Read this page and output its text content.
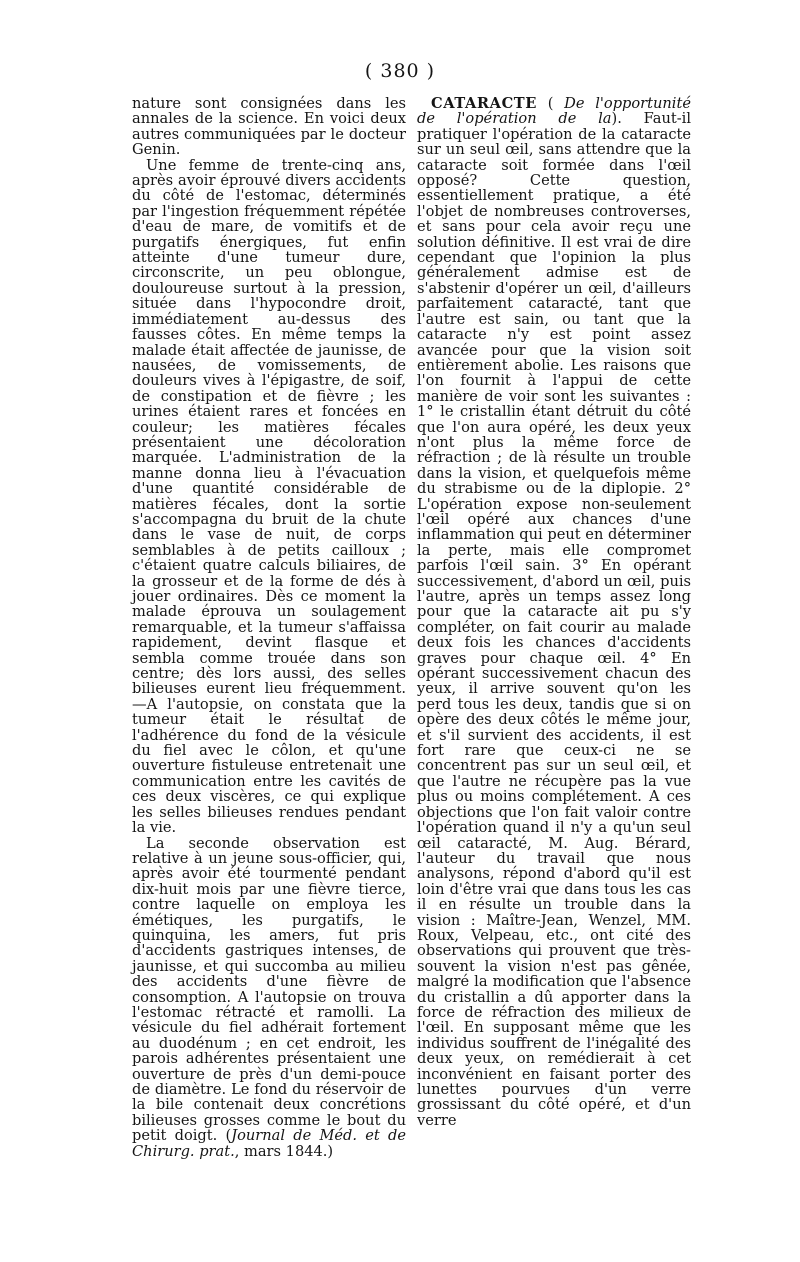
( 380 )

nature sont consignées dans les annales de la science. En voici deux autres communiquées par le docteur Genin.

Une femme de trente-cinq ans, après avoir éprouvé divers accidents du côté de l'estomac, déterminés par l'ingestion fréquemment répétée d'eau de mare, de vomitifs et de purgatifs énergiques, fut enfin atteinte d'une tumeur dure, circonscrite, un peu oblongue, douloureuse surtout à la pression, située dans l'hypocondre droit, immédiatement au-dessus des fausses côtes. En même temps la malade était affectée de jaunisse, de nausées, de vomissements, de douleurs vives à l'épigastre, de soif, de constipation et de fièvre ; les urines étaient rares et foncées en couleur; les matières fécales présentaient une décoloration marquée. L'administration de la manne donna lieu à l'évacuation d'une quantité considérable de matières fécales, dont la sortie s'accompagna du bruit de la chute dans le vase de nuit, de corps semblables à de petits cailloux ; c'étaient quatre calculs biliaires, de la grosseur et de la forme de dés à jouer ordinaires. Dès ce moment la malade éprouva un soulagement remarquable, et la tumeur s'affaissa rapidement, devint flasque et sembla comme trouée dans son centre; dès lors aussi, des selles bilieuses eurent lieu fréquemment.—A l'autopsie, on constata que la tumeur était le résultat de l'adhérence du fond de la vésicule du fiel avec le côlon, et qu'une ouverture fistuleuse entretenait une communication entre les cavités de ces deux viscères, ce qui explique les selles bilieuses rendues pendant la vie.

La seconde observation est relative à un jeune sous-officier, qui, après avoir été tourmenté pendant dix-huit mois par une fièvre tierce, contre laquelle on employa les émétiques, les purgatifs, le quinquina, les amers, fut pris d'accidents gastriques intenses, de jaunisse, et qui succomba au milieu des accidents d'une fièvre de consomption. A l'autopsie on trouva l'estomac rétracté et ramolli. La vésicule du fiel adhérait fortement au duodénum ; en cet endroit, les parois adhérentes présentaient une ouverture de près d'un demi-pouce de diamètre. Le fond du réservoir de la bile contenait deux concrétions bilieuses grosses comme le bout du petit doigt. (Journal de Méd. et de Chirurg. prat., mars 1844.)

CATARACTE ( De l'opportunité de l'opération de la). Faut-il pratiquer l'opération de la cataracte sur un seul œil, sans attendre que la cataracte soit formée dans l'œil opposé? Cette question, essentiellement pratique, a été l'objet de nombreuses controverses, et sans pour cela avoir reçu une solution définitive. Il est vrai de dire cependant que l'opinion la plus généralement admise est de s'abstenir d'opérer un œil, d'ailleurs parfaitement cataracté, tant que l'autre est sain, ou tant que la cataracte n'y est point assez avancée pour que la vision soit entièrement abolie. Les raisons que l'on fournit à l'appui de cette manière de voir sont les suivantes : 1° le cristallin étant détruit du côté que l'on aura opéré, les deux yeux n'ont plus la même force de réfraction ; de là résulte un trouble dans la vision, et quelquefois même du strabisme ou de la diplopie. 2° L'opération expose non-seulement l'œil opéré aux chances d'une inflammation qui peut en déterminer la perte, mais elle compromet parfois l'œil sain. 3° En opérant successivement, d'abord un œil, puis l'autre, après un temps assez long pour que la cataracte ait pu s'y compléter, on fait courir au malade deux fois les chances d'accidents graves pour chaque œil. 4° En opérant successivement chacun des yeux, il arrive souvent qu'on les perd tous les deux, tandis que si on opère des deux côtés le même jour, et s'il survient des accidents, il est fort rare que ceux-ci ne se concentrent pas sur un seul œil, et que l'autre ne récupère pas la vue plus ou moins complétement. A ces objections que l'on fait valoir contre l'opération quand il n'y a qu'un seul œil cataracté, M. Aug. Bérard, l'auteur du travail que nous analysons, répond d'abord qu'il est loin d'être vrai que dans tous les cas il en résulte un trouble dans la vision : Maître-Jean, Wenzel, MM. Roux, Velpeau, etc., ont cité des observations qui prouvent que très-souvent la vision n'est pas gênée, malgré la modification que l'absence du cristallin a dû apporter dans la force de réfraction des milieux de l'œil. En supposant même que les individus souffrent de l'inégalité des deux yeux, on remédierait à cet inconvénient en faisant porter des lunettes pourvues d'un verre grossissant du côté opéré, et d'un verre
